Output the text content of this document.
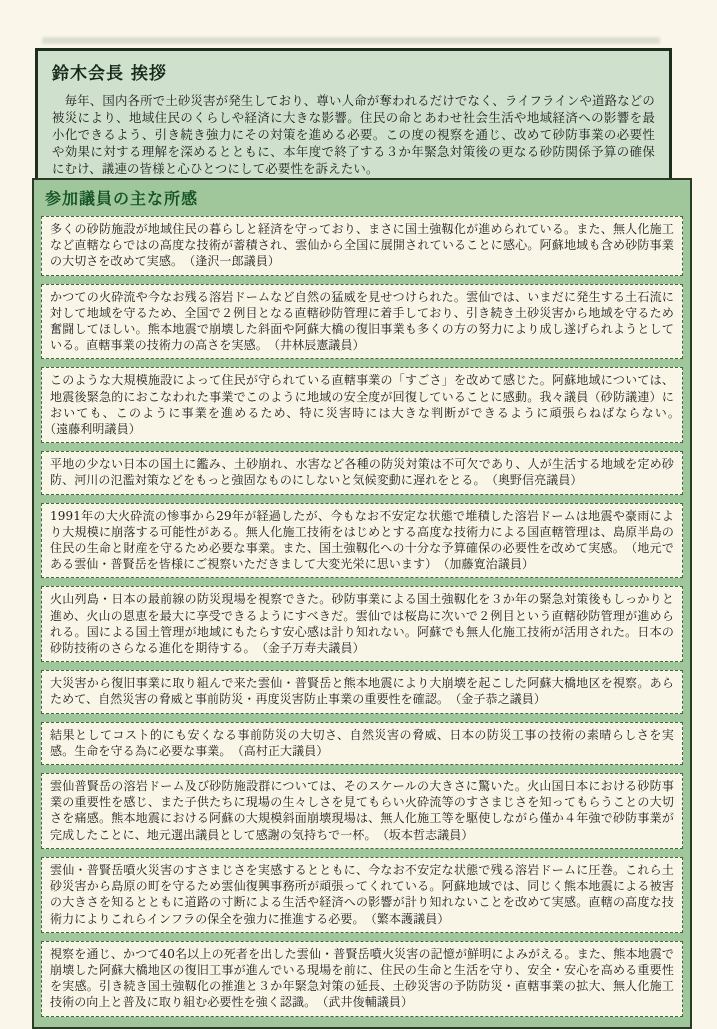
鈴木会長 挨拶

　毎年、国内各所で土砂災害が発生しており、尊い人命が奪われるだけでなく、ライフラインや道路などの被災により、地域住民のくらしや経済に大きな影響。住民の命とあわせ社会生活や地域経済への影響を最小化できるよう、引き続き強力にその対策を進める必要。この度の視察を通じ、改めて砂防事業の必要性や効果に対する理解を深めるとともに、本年度で終了する３か年緊急対策後の更なる砂防関係予算の確保にむけ、議連の皆様と心ひとつにして必要性を訴えたい。

参加議員の主な所感

多くの砂防施設が地域住民の暮らしと経済を守っており、まさに国土強靱化が進められている。また、無人化施工など直轄ならではの高度な技術が蓄積され、雲仙から全国に展開されていることに感心。阿蘇地域も含め砂防事業の大切さを改めて実感。　 （逢沢一郎議員）

かつての火砕流や今なお残る溶岩ドームなど自然の猛威を見せつけられた。雲仙では、いまだに発生する土石流に対して地域を守るため、全国で２例目となる直轄砂防管理に着手しており、引き続き土砂災害から地域を守るため奮闘してほしい。熊本地震で崩壊した斜面や阿蘇大橋の復旧事業も多くの方の努力により成し遂げられようとしている。直轄事業の技術力の高さを実感。　 （井林辰憲議員）

このような大規模施設によって住民が守られている直轄事業の「すごさ」を改めて感じた。阿蘇地域については、地震後緊急的におこなわれた事業でこのように地域の安全度が回復していることに感動。我々議員（砂防議連）においても、このように事業を進めるため、特に災害時には大きな判断ができるように頑張らねばならない。　（遠藤利明議員）

平地の少ない日本の国土に鑑み、土砂崩れ、水害など各種の防災対策は不可欠であり、人が生活する地域を定め砂防、河川の氾濫対策などをもっと強固なものにしないと気候変動に遅れをとる。　 （奥野信亮議員）

1991年の大火砕流の惨事から29年が経過したが、今もなお不安定な状態で堆積した溶岩ドームは地震や豪雨により大規模に崩落する可能性がある。無人化施工技術をはじめとする高度な技術力による国直轄管理は、島原半島の住民の生命と財産を守るため必要な事業。また、国土強靱化への十分な予算確保の必要性を改めて実感。　（地元である雲仙・普賢岳を皆様にご視察いただきまして大変光栄に思います）　 （加藤寛治議員）

火山列島・日本の最前線の防災現場を視察できた。砂防事業による国土強靱化を３か年の緊急対策後もしっかりと進め、火山の恩恵を最大に享受できるようにすべきだ。雲仙では桜島に次いで２例目という直轄砂防管理が進められる。国による国土管理が地域にもたらす安心感は計り知れない。阿蘇でも無人化施工技術が活用された。日本の砂防技術のさらなる進化を期待する。　 （金子万寿夫議員）

大災害から復旧事業に取り組んで来た雲仙・普賢岳と熊本地震により大崩壊を起こした阿蘇大橋地区を視察。あらためて、自然災害の脅威と事前防災・再度災害防止事業の重要性を確認。　 （金子恭之議員）

結果としてコスト的にも安くなる事前防災の大切さ、自然災害の脅威、日本の防災工事の技術の素晴らしさを実感。生命を守る為に必要な事業。　 （高村正大議員）

雲仙普賢岳の溶岩ドーム及び砂防施設群については、そのスケールの大きさに驚いた。火山国日本における砂防事業の重要性を感じ、また子供たちに現場の生々しさを見てもらい火砕流等のすさまじさを知ってもらうことの大切さを痛感。熊本地震における阿蘇の大規模斜面崩壊現場は、無人化施工等を駆使しながら僅か４年強で砂防事業が完成したことに、地元選出議員として感謝の気持ちで一杯。　 （坂本哲志議員）

雲仙・普賢岳噴火災害のすさまじさを実感するとともに、今なお不安定な状態で残る溶岩ドームに圧巻。これら土砂災害から島原の町を守るため雲仙復興事務所が頑張ってくれている。阿蘇地域では、同じく熊本地震による被害の大きさを知るとともに道路の寸断による生活や経済への影響が計り知れないことを改めて実感。直轄の高度な技術力によりこれらインフラの保全を強力に推進する必要。　 （繁本護議員）

視察を通じ、かつて40名以上の死者を出した雲仙・普賢岳噴火災害の記憶が鮮明によみがえる。また、熊本地震で崩壊した阿蘇大橋地区の復旧工事が進んでいる現場を前に、住民の生命と生活を守り、安全・安心を高める重要性を実感。引き続き国土強靱化の推進と３か年緊急対策の延長、土砂災害の予防防災・直轄事業の拡大、無人化施工技術の向上と普及に取り組む必要性を強く認識。　 （武井俊輔議員）
